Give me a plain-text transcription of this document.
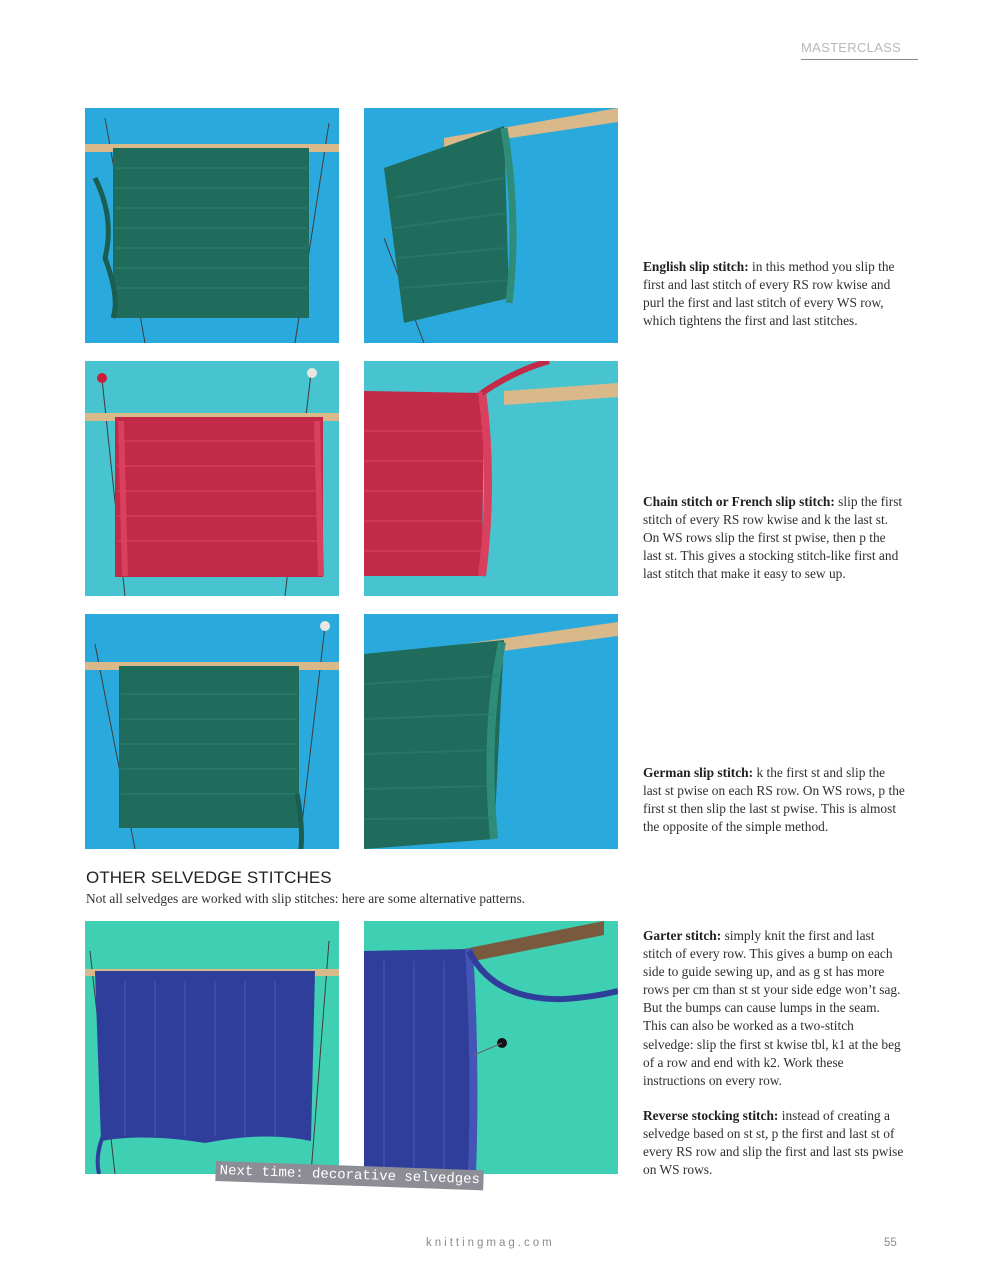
MASTERCLASS
English slip stitch: in this method you slip the first and last stitch of every RS row kwise and purl the first and last stitch of every WS row, which tightens the first and last stitches.
Chain stitch or French slip stitch: slip the first stitch of every RS row kwise and k the last st. On WS rows slip the first st pwise, then p the last st. This gives a stocking stitch-like first and last stitch that make it easy to sew up.
German slip stitch: k the first st and slip the last st pwise on each RS row. On WS rows, p the first st then slip the last st pwise. This is almost the opposite of the simple method.
OTHER SELVEDGE STITCHES
Not all selvedges are worked with slip stitches: here are some alternative patterns.
Next time: decorative selvedges
Garter stitch: simply knit the first and last stitch of every row. This gives a bump on each side to guide sewing up, and as g st has more rows per cm than st st your side edge won’t sag. But the bumps can cause lumps in the seam. This can also be worked as a two-stitch selvedge: slip the first st kwise tbl, k1 at the beg of a row and end with k2. Work these instructions on every row.
Reverse stocking stitch: instead of creating a selvedge based on st st, p the first and last st of every RS row and slip the first and last sts pwise on WS rows.
knittingmag.com	55
